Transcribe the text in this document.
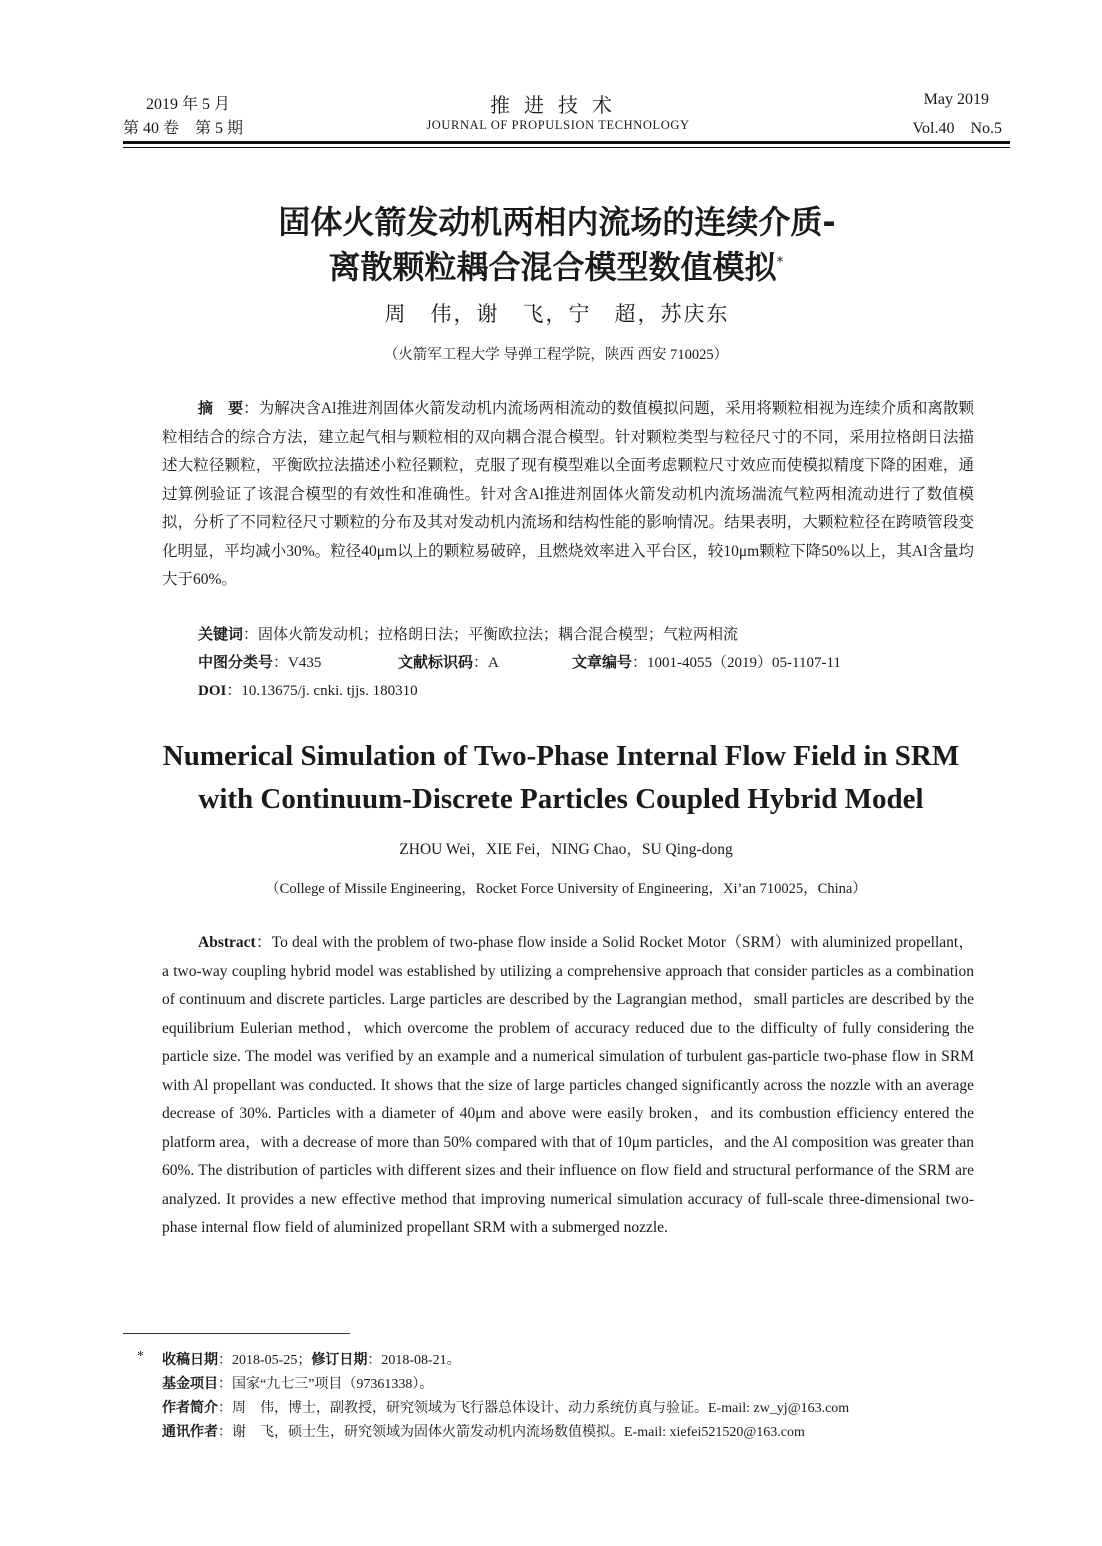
2019 年 5 月
第 40 卷　第 5 期
推进技术
JOURNAL OF PROPULSION TECHNOLOGY
May 2019
Vol.40　No.5
固体火箭发动机两相内流场的连续介质-
离散颗粒耦合混合模型数值模拟*
周　伟，谢　飞，宁　超，苏庆东
（火箭军工程大学 导弹工程学院，陕西 西安 710025）
摘　要：为解决含Al推进剂固体火箭发动机内流场两相流动的数值模拟问题，采用将颗粒相视为连续介质和离散颗粒相结合的综合方法，建立起气相与颗粒相的双向耦合混合模型。针对颗粒类型与粒径尺寸的不同，采用拉格朗日法描述大粒径颗粒，平衡欧拉法描述小粒径颗粒，克服了现有模型难以全面考虑颗粒尺寸效应而使模拟精度下降的困难，通过算例验证了该混合模型的有效性和准确性。针对含Al推进剂固体火箭发动机内流场湍流气粒两相流动进行了数值模拟，分析了不同粒径尺寸颗粒的分布及其对发动机内流场和结构性能的影响情况。结果表明，大颗粒粒径在跨喷管段变化明显，平均减小30%。粒径40μm以上的颗粒易破碎，且燃烧效率进入平台区，较10μm颗粒下降50%以上，其Al含量均大于60%。
关键词：固体火箭发动机；拉格朗日法；平衡欧拉法；耦合混合模型；气粒两相流
中图分类号：V435	文献标识码：A	文章编号：1001-4055（2019）05-1107-11
DOI：10.13675/j. cnki. tjjs. 180310
Numerical Simulation of Two-Phase Internal Flow Field in SRM
with Continuum-Discrete Particles Coupled Hybrid Model
ZHOU Wei，XIE Fei，NING Chao，SU Qing-dong
（College of Missile Engineering，Rocket Force University of Engineering，Xi’an 710025，China）
Abstract：To deal with the problem of two-phase flow inside a Solid Rocket Motor（SRM）with aluminized propellant，a two-way coupling hybrid model was established by utilizing a comprehensive approach that consider particles as a combination of continuum and discrete particles. Large particles are described by the Lagrangian method，small particles are described by the equilibrium Eulerian method，which overcome the problem of accuracy reduced due to the difficulty of fully considering the particle size. The model was verified by an example and a numerical simulation of turbulent gas-particle two-phase flow in SRM with Al propellant was conducted. It shows that the size of large particles changed significantly across the nozzle with an average decrease of 30%. Particles with a diameter of 40μm and above were easily broken，and its combustion efficiency entered the platform area，with a decrease of more than 50% compared with that of 10μm particles，and the Al composition was greater than 60%. The distribution of particles with different sizes and their influence on flow field and structural performance of the SRM are analyzed. It provides a new effective method that improving numerical simulation accuracy of full-scale three-dimensional two-phase internal flow field of aluminized propellant SRM with a submerged nozzle.
* 收稿日期：2018-05-25；修订日期：2018-08-21。
基金项目：国家“九七三”项目（97361338）。
作者简介：周　伟，博士，副教授，研究领域为飞行器总体设计、动力系统仿真与验证。E-mail: zw_yj@163.com
通讯作者：谢　飞，硕士生，研究领域为固体火箭发动机内流场数值模拟。E-mail: xiefei521520@163.com
